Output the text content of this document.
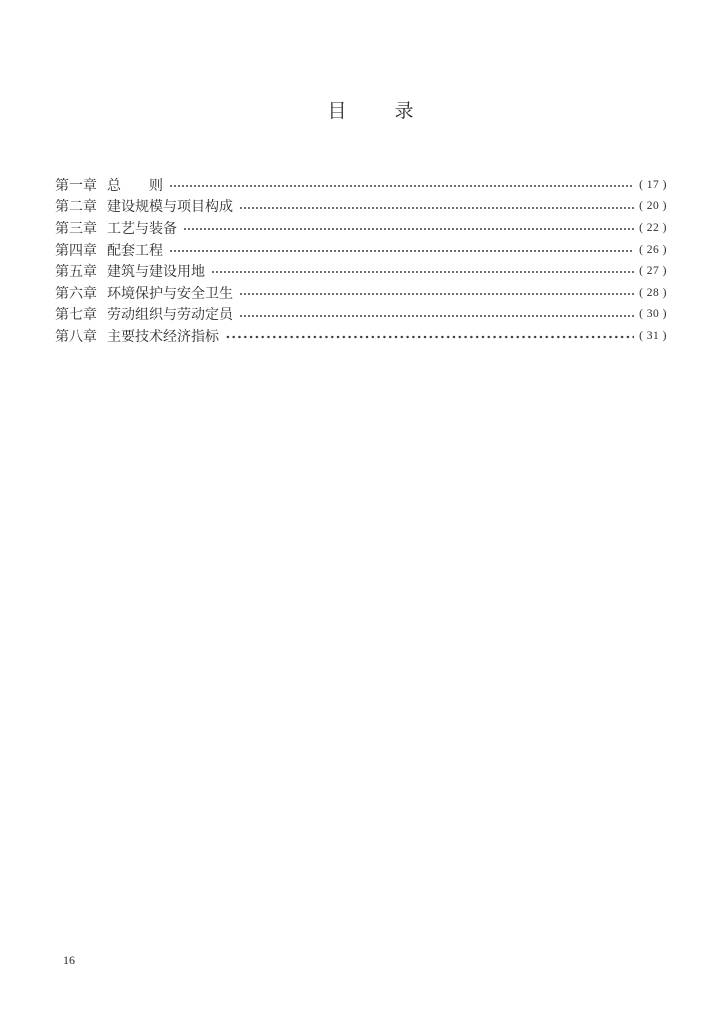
目	录
第一章 总　　则	( 17 )
第二章 建设规模与项目构成	( 20 )
第三章 工艺与装备	( 22 )
第四章 配套工程	( 26 )
第五章 建筑与建设用地	( 27 )
第六章 环境保护与安全卫生	( 28 )
第七章 劳动组织与劳动定员	( 30 )
第八章 主要技术经济指标	( 31 )
16
